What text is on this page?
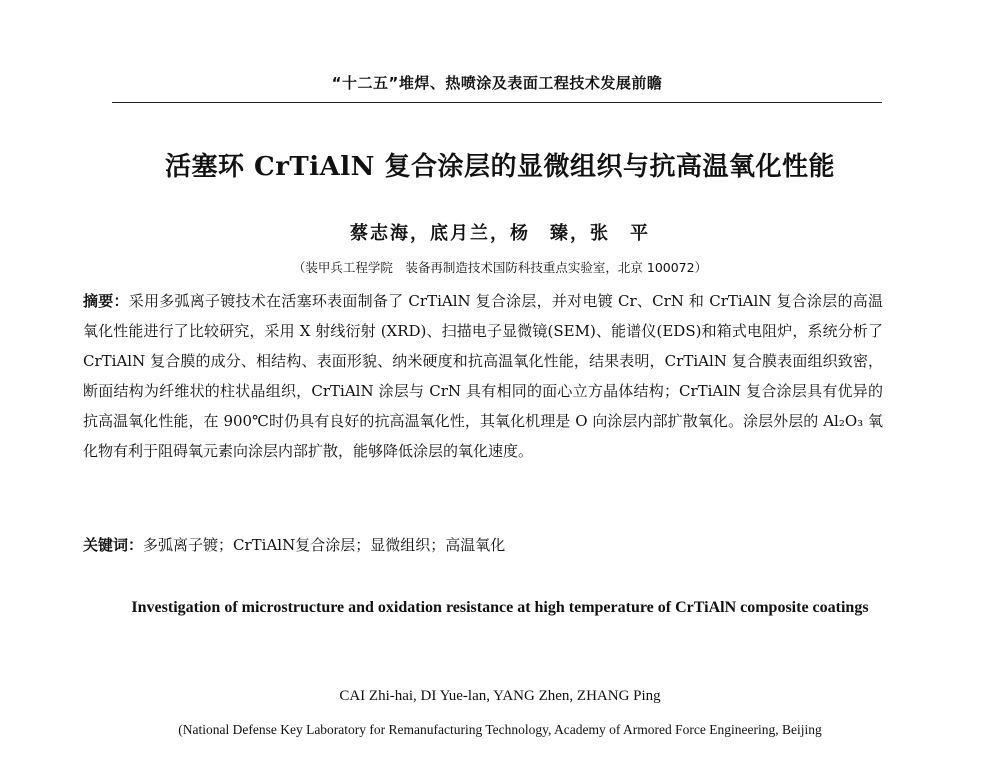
“十二五”堆焊、热喷涂及表面工程技术发展前瞻
活塞环 CrTiAlN 复合涂层的显微组织与抗高温氧化性能
蔡志海，底月兰，杨　臻，张　平
（装甲兵工程学院　装备再制造技术国防科技重点实验室，北京 100072）
摘要：采用多弧离子镀技术在活塞环表面制备了 CrTiAlN 复合涂层，并对电镀 Cr、CrN 和 CrTiAlN 复合涂层的高温氧化性能进行了比较研究，采用 X 射线衍射 (XRD)、扫描电子显微镜(SEM)、能谱仪(EDS)和箱式电阻炉，系统分析了 CrTiAlN 复合膜的成分、相结构、表面形貌、纳米硬度和抗高温氧化性能，结果表明，CrTiAlN 复合膜表面组织致密，断面结构为纤维状的柱状晶组织，CrTiAlN 涂层与 CrN 具有相同的面心立方晶体结构；CrTiAlN 复合涂层具有优异的抗高温氧化性能，在 900℃时仍具有良好的抗高温氧化性，其氧化机理是 O 向涂层内部扩散氧化。涂层外层的 Al₂O₃ 氧化物有利于阻碍氧元素向涂层内部扩散，能够降低涂层的氧化速度。
关键词：多弧离子镀；CrTiAlN复合涂层；显微组织；高温氧化
Investigation of microstructure and oxidation resistance at high temperature of CrTiAlN composite coatings
CAI Zhi-hai, DI Yue-lan, YANG Zhen, ZHANG Ping
(National Defense Key Laboratory for Remanufacturing Technology, Academy of Armored Force Engineering, Beijing
